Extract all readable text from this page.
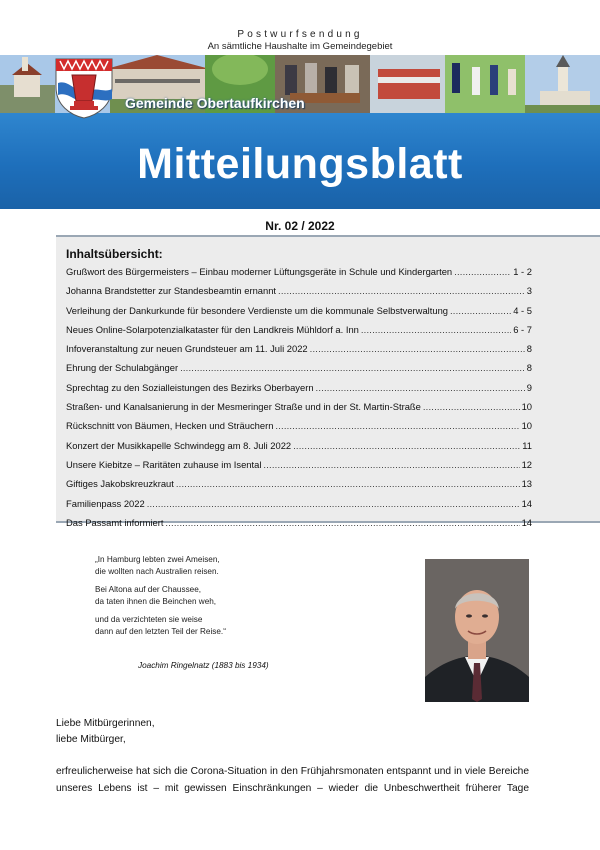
Postwurfsendung
An sämtliche Haushalte im Gemeindegebiet
Gemeinde Obertaufkirchen
Mitteilungsblatt
Nr. 02 / 2022
Inhaltsübersicht:
Grußwort des Bürgermeisters – Einbau moderner Lüftungsgeräte in Schule und Kindergarten .....	1 - 2
Johanna Brandstetter zur Standesbeamtin ernannt .....	3
Verleihung der Dankurkunde für besondere Verdienste um die kommunale Selbstverwaltung .....	4 - 5
Neues Online-Solarpotenzialkataster für den Landkreis Mühldorf a. Inn .....	6 - 7
Infoveranstaltung zur neuen Grundsteuer am 11. Juli 2022 .....	8
Ehrung der Schulabgänger .....	8
Sprechtag zu den Sozialleistungen des Bezirks Oberbayern .....	9
Straßen- und Kanalsanierung in der Mesmeringer Straße und in der St. Martin-Straße .....	10
Rückschnitt von Bäumen, Hecken und Sträuchern .....	10
Konzert der Musikkapelle Schwindegg am 8. Juli 2022 .....	11
Unsere Kiebitze – Raritäten zuhause im Isental .....	12
Giftiges Jakobskreuzkraut .....	13
Familienpass 2022 .....	14
Das Passamt informiert .....	14

„In Hamburg lebten zwei Ameisen,
die wollten nach Australien reisen.

Bei Altona auf der Chaussee,
da taten ihnen die Beinchen weh,

und da verzichteten sie weise
dann auf den letzten Teil der Reise.“

Joachim Ringelnatz (1883 bis 1934)
Liebe Mitbürgerinnen,
liebe Mitbürger,
erfreulicherweise hat sich die Corona-Situation in den Frühjahrsmonaten entspannt und in viele Bereiche
unseres Lebens ist – mit gewissen Einschränkungen – wieder die Unbeschwertheit früherer Tage
